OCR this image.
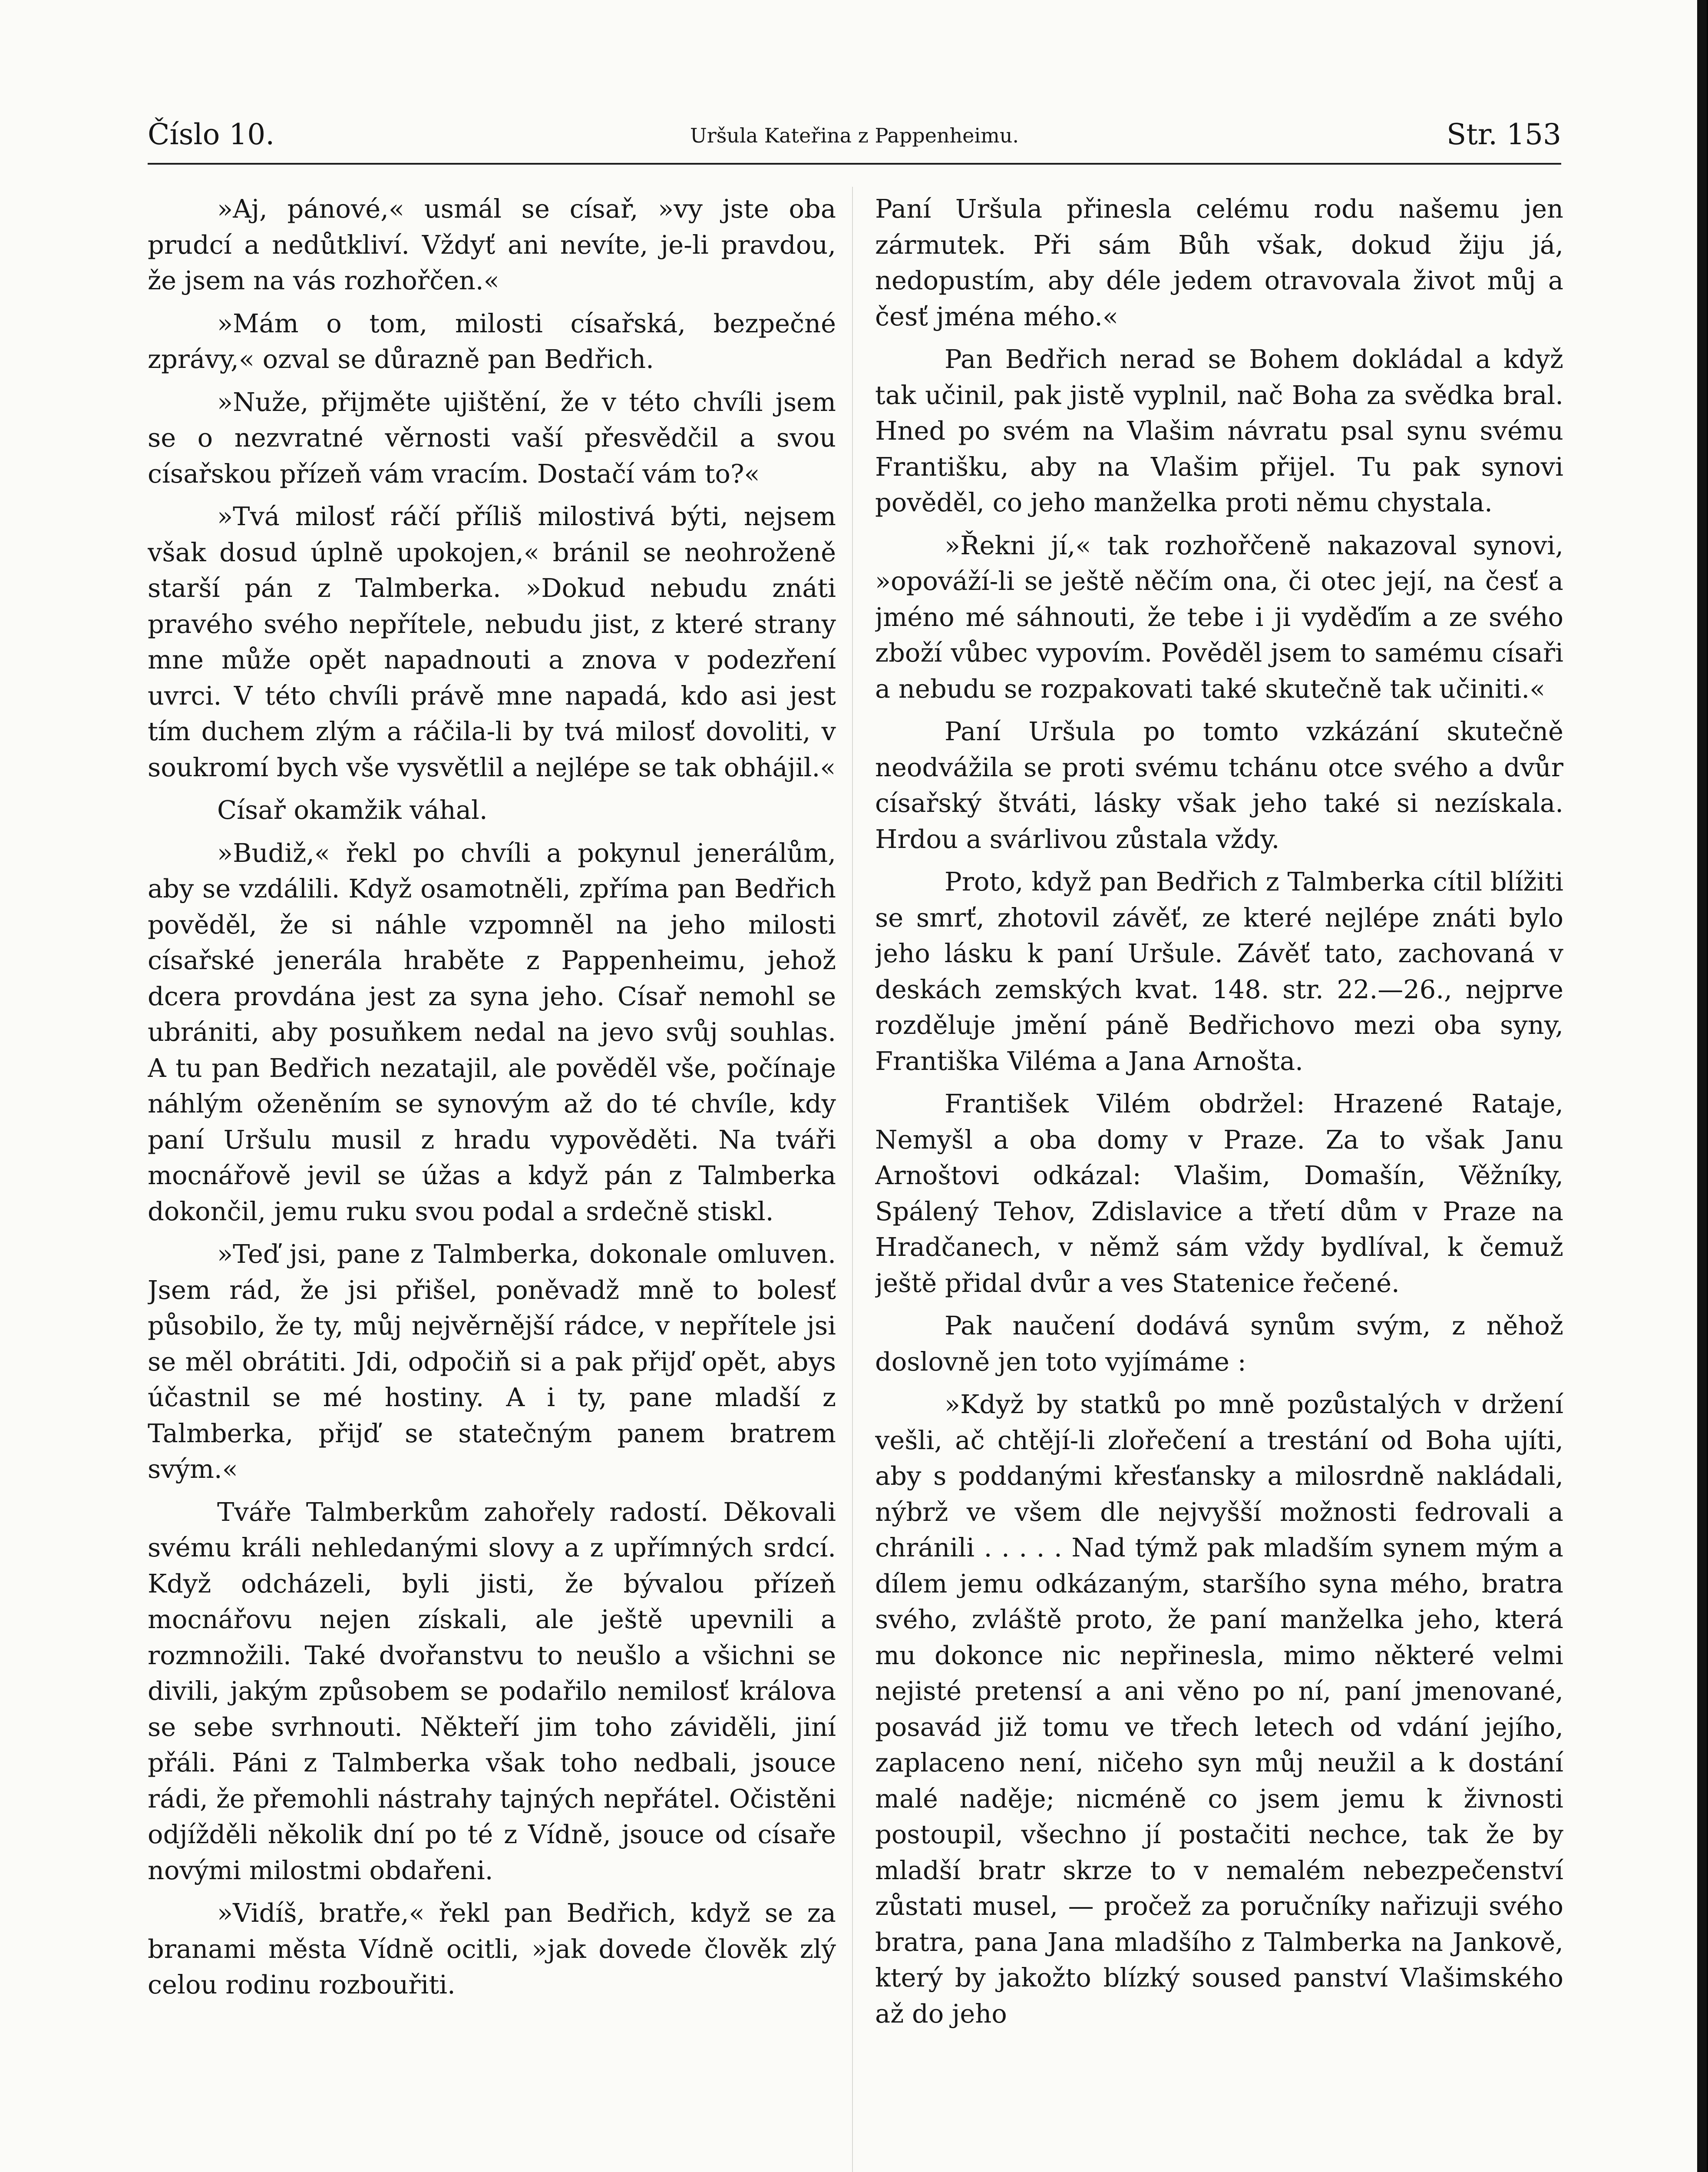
Číslo 10.	Uršula Kateřina z Pappenheimu.	Str. 153

»Aj, pánové,« usmál se císař, »vy jste oba prudcí a nedůtkliví. Vždyť ani nevíte, je-li pravdou, že jsem na vás rozhořčen.«

»Mám o tom, milosti císařská, bezpečné zprávy,« ozval se důrazně pan Bedřich.

»Nuže, přijměte ujištění, že v této chvíli jsem se o nezvratné věrnosti vaší přesvědčil a svou císařskou přízeň vám vracím. Dostačí vám to?«

»Tvá milosť ráčí příliš milostivá býti, nejsem však dosud úplně upokojen,« bránil se neohroženě starší pán z Talmberka. »Dokud nebudu znáti pravého svého nepřítele, nebudu jist, z které strany mne může opět napadnouti a znova v podezření uvrci. V této chvíli právě mne napadá, kdo asi jest tím duchem zlým a ráčila-li by tvá milosť dovoliti, v soukromí bych vše vysvětlil a nejlépe se tak obhájil.«

Císař okamžik váhal.

»Budiž,« řekl po chvíli a pokynul jenerálům, aby se vzdálili. Když osamotněli, zpříma pan Bedřich pověděl, že si náhle vzpomněl na jeho milosti císařské jenerála hraběte z Pappenheimu, jehož dcera provdána jest za syna jeho. Císař nemohl se ubrániti, aby posuňkem nedal na jevo svůj souhlas. A tu pan Bedřich nezatajil, ale pověděl vše, počínaje náhlým oženěním se synovým až do té chvíle, kdy paní Uršulu musil z hradu vypověděti. Na tváři mocnářově jevil se úžas a když pán z Talmberka dokončil, jemu ruku svou podal a srdečně stiskl.

»Teď jsi, pane z Talmberka, dokonale omluven. Jsem rád, že jsi přišel, poněvadž mně to bolesť působilo, že ty, můj nejvěrnější rádce, v nepřítele jsi se měl obrátiti. Jdi, odpočiň si a pak přijď opět, abys účastnil se mé hostiny. A i ty, pane mladší z Talmberka, přijď se statečným panem bratrem svým.«

Tváře Talmberkům zahořely radostí. Děkovali svému králi nehledanými slovy a z upřímných srdcí. Když odcházeli, byli jisti, že bývalou přízeň mocnářovu nejen získali, ale ještě upevnili a rozmnožili. Také dvořanstvu to neušlo a všichni se divili, jakým způsobem se podařilo nemilosť králova se sebe svrhnouti. Někteří jim toho záviděli, jiní přáli. Páni z Talmberka však toho nedbali, jsouce rádi, že přemohli nástrahy tajných nepřátel. Očistěni odjížděli několik dní po té z Vídně, jsouce od císaře novými milostmi obdařeni.

»Vidíš, bratře,« řekl pan Bedřich, když se za branami města Vídně ocitli, »jak dovede člověk zlý celou rodinu rozbouřiti.

Paní Uršula přinesla celému rodu našemu jen zármutek. Při sám Bůh však, dokud žiju já, nedopustím, aby déle jedem otravovala život můj a česť jména mého.«

Pan Bedřich nerad se Bohem dokládal a když tak učinil, pak jistě vyplnil, nač Boha za svědka bral. Hned po svém na Vlašim návratu psal synu svému Františku, aby na Vlašim přijel. Tu pak synovi pověděl, co jeho manželka proti němu chystala.

»Řekni jí,« tak rozhořčeně nakazoval synovi, »opováží-li se ještě něčím ona, či otec její, na česť a jméno mé sáhnouti, že tebe i ji vyděďím a ze svého zboží vůbec vypovím. Pověděl jsem to samému císaři a nebudu se rozpakovati také skutečně tak učiniti.«

Paní Uršula po tomto vzkázání skutečně neodvážila se proti svému tchánu otce svého a dvůr císařský štváti, lásky však jeho také si nezískala. Hrdou a svárlivou zůstala vždy.

Proto, když pan Bedřich z Talmberka cítil blížiti se smrť, zhotovil závěť, ze které nejlépe znáti bylo jeho lásku k paní Uršule. Závěť tato, zachovaná v deskách zemských kvat. 148. str. 22.—26., nejprve rozděluje jmění páně Bedřichovo mezi oba syny, Františka Viléma a Jana Arnošta.

František Vilém obdržel: Hrazené Rataje, Nemyšl a oba domy v Praze. Za to však Janu Arnoštovi odkázal: Vlašim, Domašín, Věžníky, Spálený Tehov, Zdislavice a třetí dům v Praze na Hradčanech, v němž sám vždy bydlíval, k čemuž ještě přidal dvůr a ves Statenice řečené.

Pak naučení dodává synům svým, z něhož doslovně jen toto vyjímáme :

»Když by statků po mně pozůstalých v držení vešli, ač chtějí-li zlořečení a trestání od Boha ujíti, aby s poddanými křesťansky a milosrdně nakládali, nýbrž ve všem dle nejvyšší možnosti fedrovali a chránili . . . . . Nad týmž pak mladším synem mým a dílem jemu odkázaným, staršího syna mého, bratra svého, zvláště proto, že paní manželka jeho, která mu dokonce nic nepřinesla, mimo některé velmi nejisté pretensí a ani věno po ní, paní jmenované, posavád již tomu ve třech letech od vdání jejího, zaplaceno není, ničeho syn můj neužil a k dostání malé naděje; nicméně co jsem jemu k živnosti postoupil, všechno jí postačiti nechce, tak že by mladší bratr skrze to v nemalém nebezpečenství zůstati musel, — pročež za poručníky nařizuji svého bratra, pana Jana mladšího z Talmberka na Jankově, který by jakožto blízký soused panství Vlašimského až do jeho
